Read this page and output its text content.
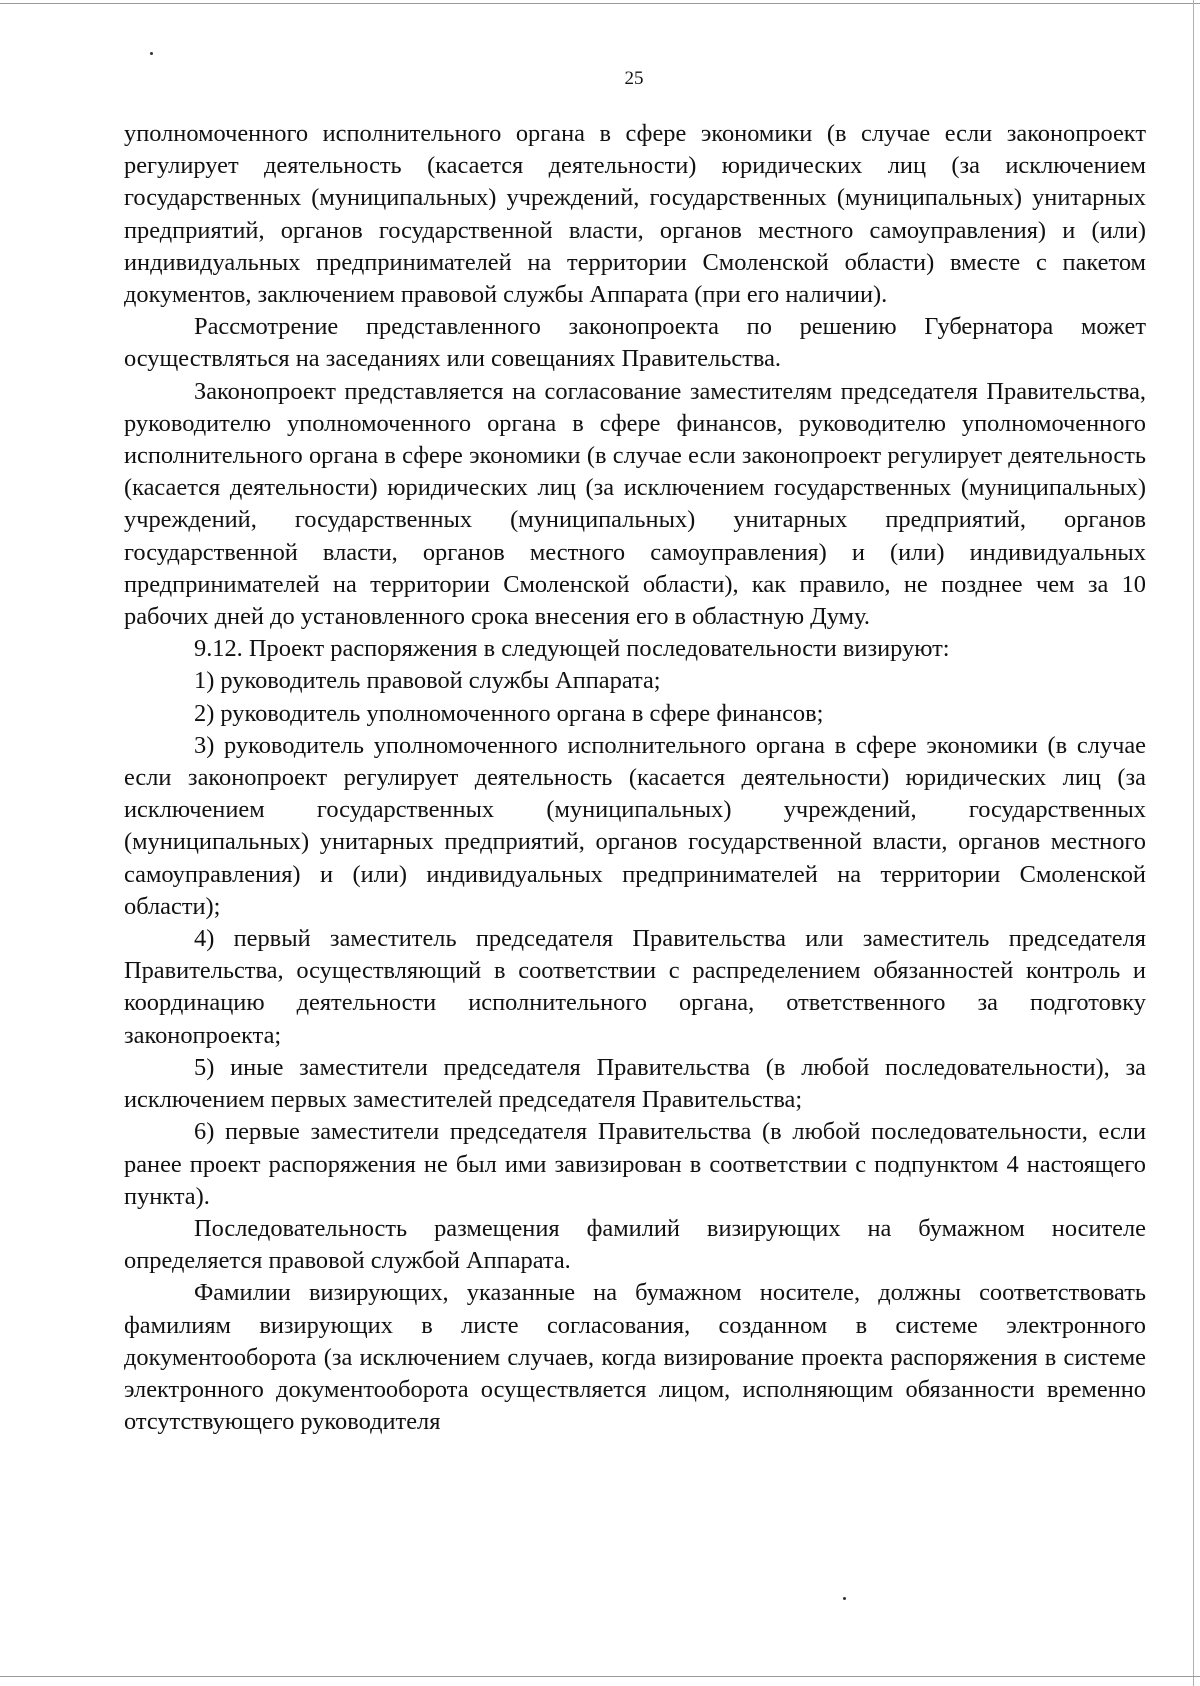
25

уполномоченного исполнительного органа в сфере экономики (в случае если законопроект регулирует деятельность (касается деятельности) юридических лиц (за исключением государственных (муниципальных) учреждений, государственных (муниципальных) унитарных предприятий, органов государственной власти, органов местного самоуправления) и (или) индивидуальных предпринимателей на территории Смоленской области) вместе с пакетом документов, заключением правовой службы Аппарата (при его наличии).

Рассмотрение представленного законопроекта по решению Губернатора может осуществляться на заседаниях или совещаниях Правительства.

Законопроект представляется на согласование заместителям председателя Правительства, руководителю уполномоченного органа в сфере финансов, руководителю уполномоченного исполнительного органа в сфере экономики (в случае если законопроект регулирует деятельность (касается деятельности) юридических лиц (за исключением государственных (муниципальных) учреждений, государственных (муниципальных) унитарных предприятий, органов государственной власти, органов местного самоуправления) и (или) индивидуальных предпринимателей на территории Смоленской области), как правило, не позднее чем за 10 рабочих дней до установленного срока внесения его в областную Думу.

9.12. Проект распоряжения в следующей последовательности визируют:

1) руководитель правовой службы Аппарата;

2) руководитель уполномоченного органа в сфере финансов;

3) руководитель уполномоченного исполнительного органа в сфере экономики (в случае если законопроект регулирует деятельность (касается деятельности) юридических лиц (за исключением государственных (муниципальных) учреждений, государственных (муниципальных) унитарных предприятий, органов государственной власти, органов местного самоуправления) и (или) индивидуальных предпринимателей на территории Смоленской области);

4) первый заместитель председателя Правительства или заместитель председателя Правительства, осуществляющий в соответствии с распределением обязанностей контроль и координацию деятельности исполнительного органа, ответственного за подготовку законопроекта;

5) иные заместители председателя Правительства (в любой последовательности), за исключением первых заместителей председателя Правительства;

6) первые заместители председателя Правительства (в любой последовательности, если ранее проект распоряжения не был ими завизирован в соответствии с подпунктом 4 настоящего пункта).

Последовательность размещения фамилий визирующих на бумажном носителе определяется правовой службой Аппарата.

Фамилии визирующих, указанные на бумажном носителе, должны соответствовать фамилиям визирующих в листе согласования, созданном в системе электронного документооборота (за исключением случаев, когда визирование проекта распоряжения в системе электронного документооборота осуществляется лицом, исполняющим обязанности временно отсутствующего руководителя
